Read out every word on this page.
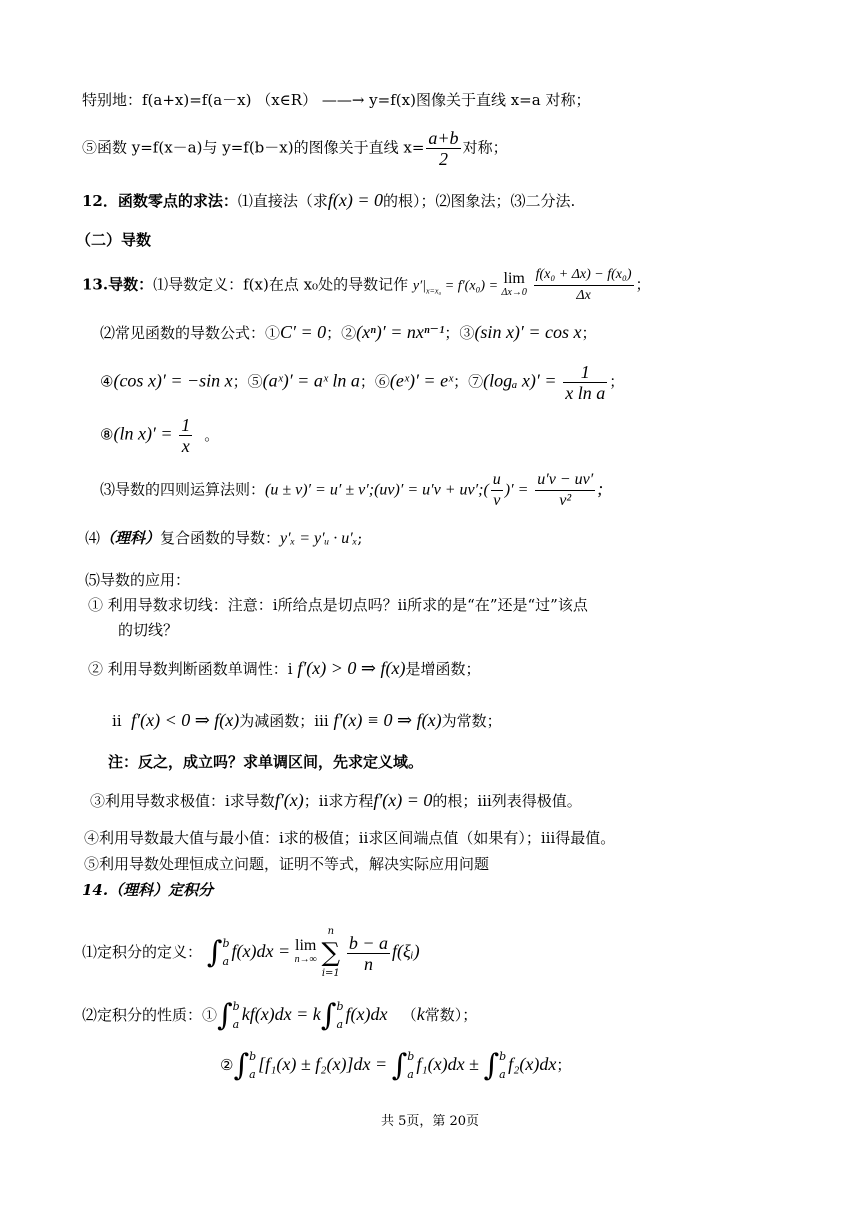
特别地：f(a+x)=f(a－x) （x∈R） ——→ y=f(x)图像关于直线 x=a 对称；
⑤函数 y=f(x－a)与 y=f(b－x)的图像关于直线 $x= \frac{a+b}{2}$ 对称；
12．函数零点的求法：⑴直接法（求f(x) = 0的根）；⑵图象法；⑶二分法.
（二）导数
13.导数：⑴导数定义：f(x)在点 x₀处的导数记作 $y'|_{x=x_0} = f'(x_0) = \lim$
Δx→0
$\frac{\text{f(x₀ + Δx) − f(x₀)}}{\Delta x}$ ；
⑵常见函数的导数公式：①C′ = 0；②(xⁿ)′ = nxⁿ⁻¹；③(sin x)′ = cos x；
④(cos x)′ = −sin x；⑤(aˣ)′ = aˣ ln a；⑥(eˣ)′ = eˣ；⑦(logₐ $x)' = \frac{1}{\text{x ln a}}$ ；
⑧(ln $x)' = \frac{1}{x}$ 。
⑶导数的四则运算法则：(u ± v)′ = u′ ± v′;(uv)′ = u′v + uv′;( $\frac{u}{v}$ )′ = $\frac{u'v - uv'}{\text{v²}}$ ;
⑷（理科）复合函数的导数：y′ₓ = y′ᵤ · u′ₓ;
⑸导数的应用：
① 利用导数求切线：注意：ⅰ所给点是切点吗？ⅱ所求的是“在”还是“过”该点
的切线？
② 利用导数判断函数单调性：ⅰ f′(x) > 0 ⇒ f(x)是增函数；
ⅱ f′(x) < 0 ⇒ f(x)为减函数；ⅲ f′(x) ≡ 0 ⇒ f(x)为常数；
注：反之，成立吗？求单调区间，先求定义域。
③利用导数求极值：ⅰ求导数f′(x)；ⅱ求方程f′(x) = 0的根；ⅲ列表得极值。
④利用导数最大值与最小值：ⅰ求的极值；ⅱ求区间端点值（如果有）；ⅲ得最值。
⑤利用导数处理恒成立问题，证明不等式，解决实际应用问题
14.（理科）定积分
⑴定积分的定义： ∫ b
a
f(x)dx = lim
n→∞

n
∑
i=1
$\frac{b - a}{n}$ f(ξᵢ)
⑵定积分的性质：①∫ b
a
kf(x)dx = k∫ b
a
f(x)dx （k常数）；
②∫ b
a
[f₁(x) ± f₂(x)]dx = ∫ b
a
f₁(x)dx ± ∫ b
a
f₂(x)dx；
共 5页，第 20页
